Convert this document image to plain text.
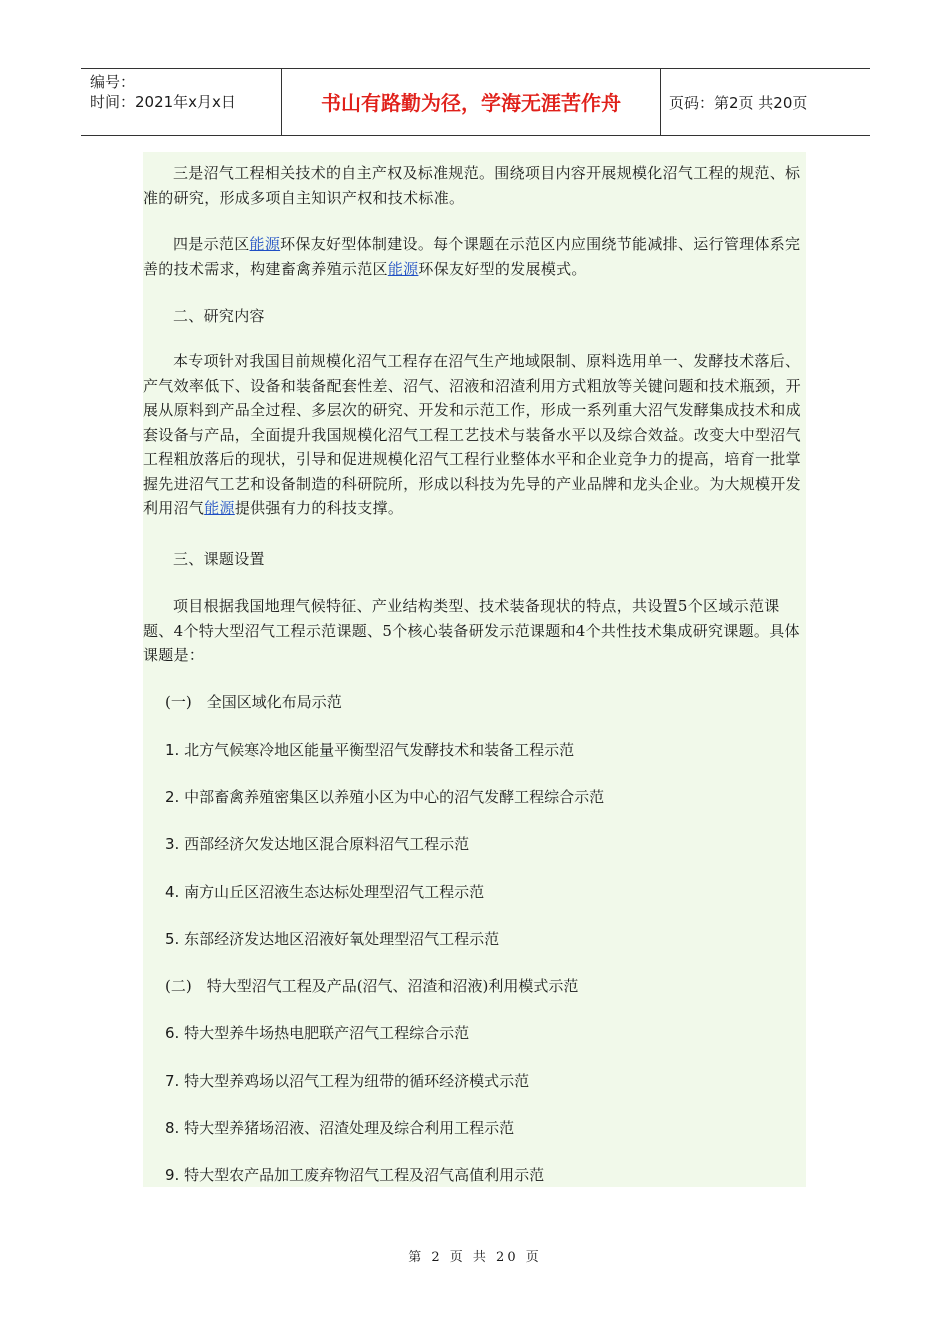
编号：
时间：2021年x月x日	书山有路勤为径，学海无涯苦作舟	页码：第2页 共20页

三是沼气工程相关技术的自主产权及标准规范。围绕项目内容开展规模化沼气工程的规范、标准的研究，形成多项自主知识产权和技术标准。

四是示范区能源环保友好型体制建设。每个课题在示范区内应围绕节能减排、运行管理体系完善的技术需求，构建畜禽养殖示范区能源环保友好型的发展模式。

二、研究内容

本专项针对我国目前规模化沼气工程存在沼气生产地域限制、原料选用单一、发酵技术落后、产气效率低下、设备和装备配套性差、沼气、沼液和沼渣利用方式粗放等关键问题和技术瓶颈，开展从原料到产品全过程、多层次的研究、开发和示范工作，形成一系列重大沼气发酵集成技术和成套设备与产品，全面提升我国规模化沼气工程工艺技术与装备水平以及综合效益。改变大中型沼气工程粗放落后的现状，引导和促进规模化沼气工程行业整体水平和企业竞争力的提高，培育一批掌握先进沼气工艺和设备制造的科研院所，形成以科技为先导的产业品牌和龙头企业。为大规模开发利用沼气能源提供强有力的科技支撑。

三、课题设置

项目根据我国地理气候特征、产业结构类型、技术装备现状的特点，共设置5个区域示范课题、4个特大型沼气工程示范课题、5个核心装备研发示范课题和4个共性技术集成研究课题。具体课题是：

(一)　全国区域化布局示范

1. 北方气候寒冷地区能量平衡型沼气发酵技术和装备工程示范

2. 中部畜禽养殖密集区以养殖小区为中心的沼气发酵工程综合示范

3. 西部经济欠发达地区混合原料沼气工程示范

4. 南方山丘区沼液生态达标处理型沼气工程示范

5. 东部经济发达地区沼液好氧处理型沼气工程示范

(二)　特大型沼气工程及产品(沼气、沼渣和沼液)利用模式示范

6. 特大型养牛场热电肥联产沼气工程综合示范

7. 特大型养鸡场以沼气工程为纽带的循环经济模式示范

8. 特大型养猪场沼液、沼渣处理及综合利用工程示范

9. 特大型农产品加工废弃物沼气工程及沼气高值利用示范

第 2 页 共 20 页
